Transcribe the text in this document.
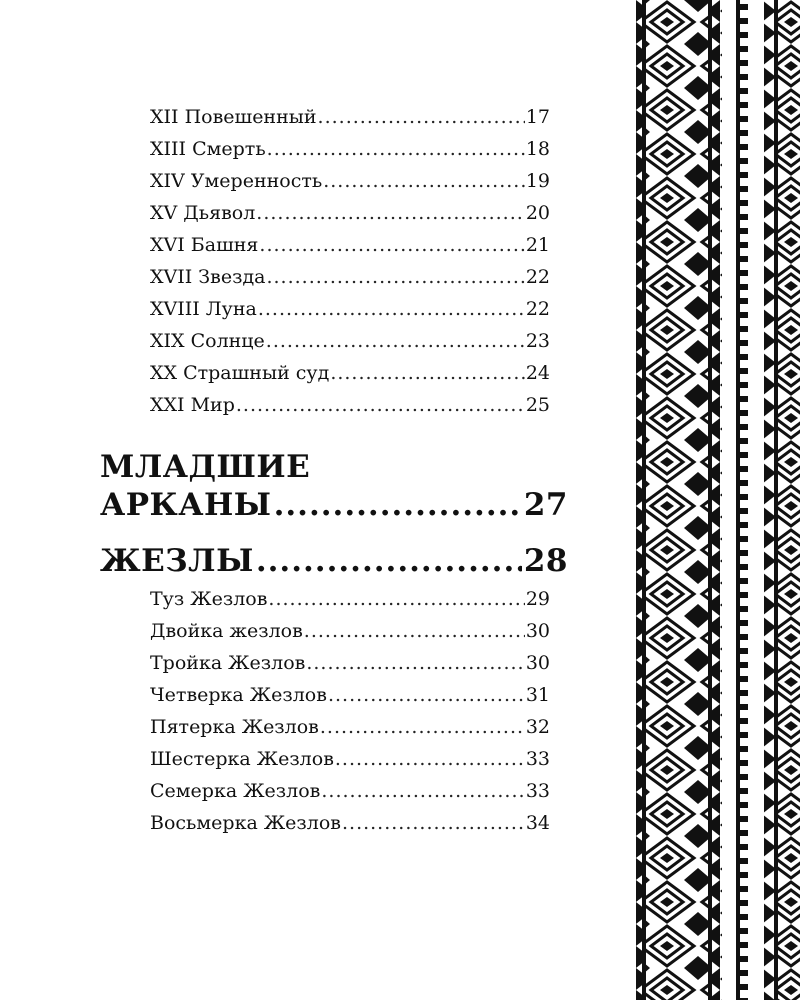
XII Повешенный .....	17
XIII Смерть .....	18
XIV Умеренность .....	19
XV Дьявол .....	20
XVI Башня .....	21
XVII Звезда .....	22
XVIII Луна .....	22
XIX Солнце .....	23
XX Страшный суд .....	24
XXI Мир .....	25
МЛАДШИЕ
АРКАНЫ .....	27
ЖЕЗЛЫ .....	28
Туз Жезлов .....	29
Двойка жезлов .....	30
Тройка Жезлов .....	30
Четверка Жезлов .....	31
Пятерка Жезлов .....	32
Шестерка Жезлов .....	33
Семерка Жезлов .....	33
Восьмерка Жезлов .....	34
